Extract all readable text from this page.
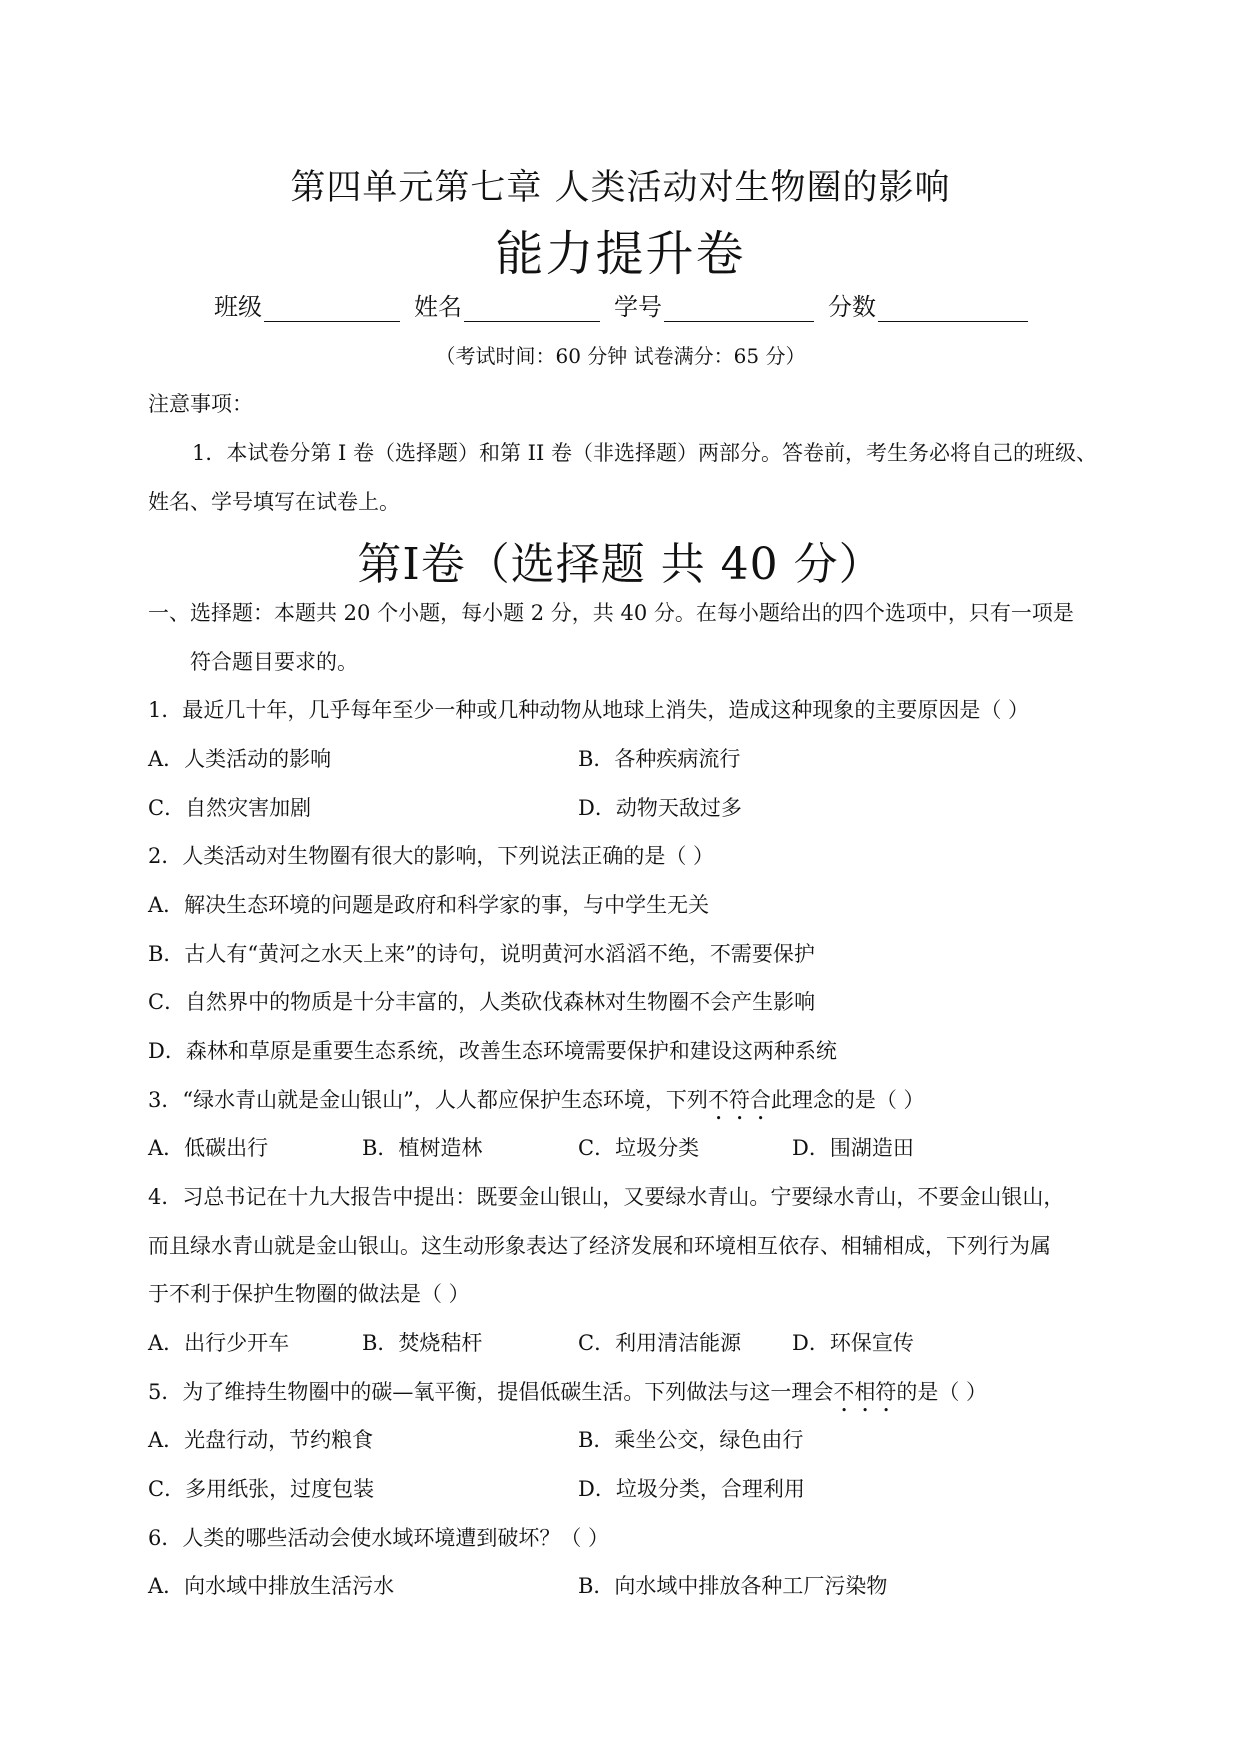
第四单元第七章 人类活动对生物圈的影响
能力提升卷
班级	姓名	学号	分数
（考试时间：60 分钟 试卷满分：65 分）
注意事项：
1．本试卷分第 I 卷（选择题）和第 II 卷（非选择题）两部分。答卷前，考生务必将自己的班级、
姓名、学号填写在试卷上。
第I卷（选择题 共 40 分）
一、选择题：本题共 20 个小题，每小题 2 分，共 40 分。在每小题给出的四个选项中，只有一项是
符合题目要求的。
1．最近几十年，几乎每年至少一种或几种动物从地球上消失，造成这种现象的主要原因是（ ）
A．人类活动的影响	B．各种疾病流行
C．自然灾害加剧	D．动物天敌过多
2．人类活动对生物圈有很大的影响，下列说法正确的是（ ）
A．解决生态环境的问题是政府和科学家的事，与中学生无关
B．古人有“黄河之水天上来”的诗句，说明黄河水滔滔不绝，不需要保护
C．自然界中的物质是十分丰富的，人类砍伐森林对生物圈不会产生影响
D．森林和草原是重要生态系统，改善生态环境需要保护和建设这两种系统
3．“绿水青山就是金山银山”，人人都应保护生态环境，下列不符合此理念的是（ ）
A．低碳出行	B．植树造林	C．垃圾分类	D．围湖造田
4．习总书记在十九大报告中提出：既要金山银山，又要绿水青山。宁要绿水青山，不要金山银山，
而且绿水青山就是金山银山。这生动形象表达了经济发展和环境相互依存、相辅相成，下列行为属
于不利于保护生物圈的做法是（ ）
A．出行少开车	B．焚烧秸杆	C．利用清洁能源 D．环保宣传
5．为了维持生物圈中的碳—氧平衡，提倡低碳生活。下列做法与这一理会不相符的是（ ）
A．光盘行动，节约粮食	B．乘坐公交，绿色由行
C．多用纸张，过度包装	D．垃圾分类，合理利用
6．人类的哪些活动会使水域环境遭到破坏？（ ）
A．向水域中排放生活污水	B．向水域中排放各种工厂污染物
